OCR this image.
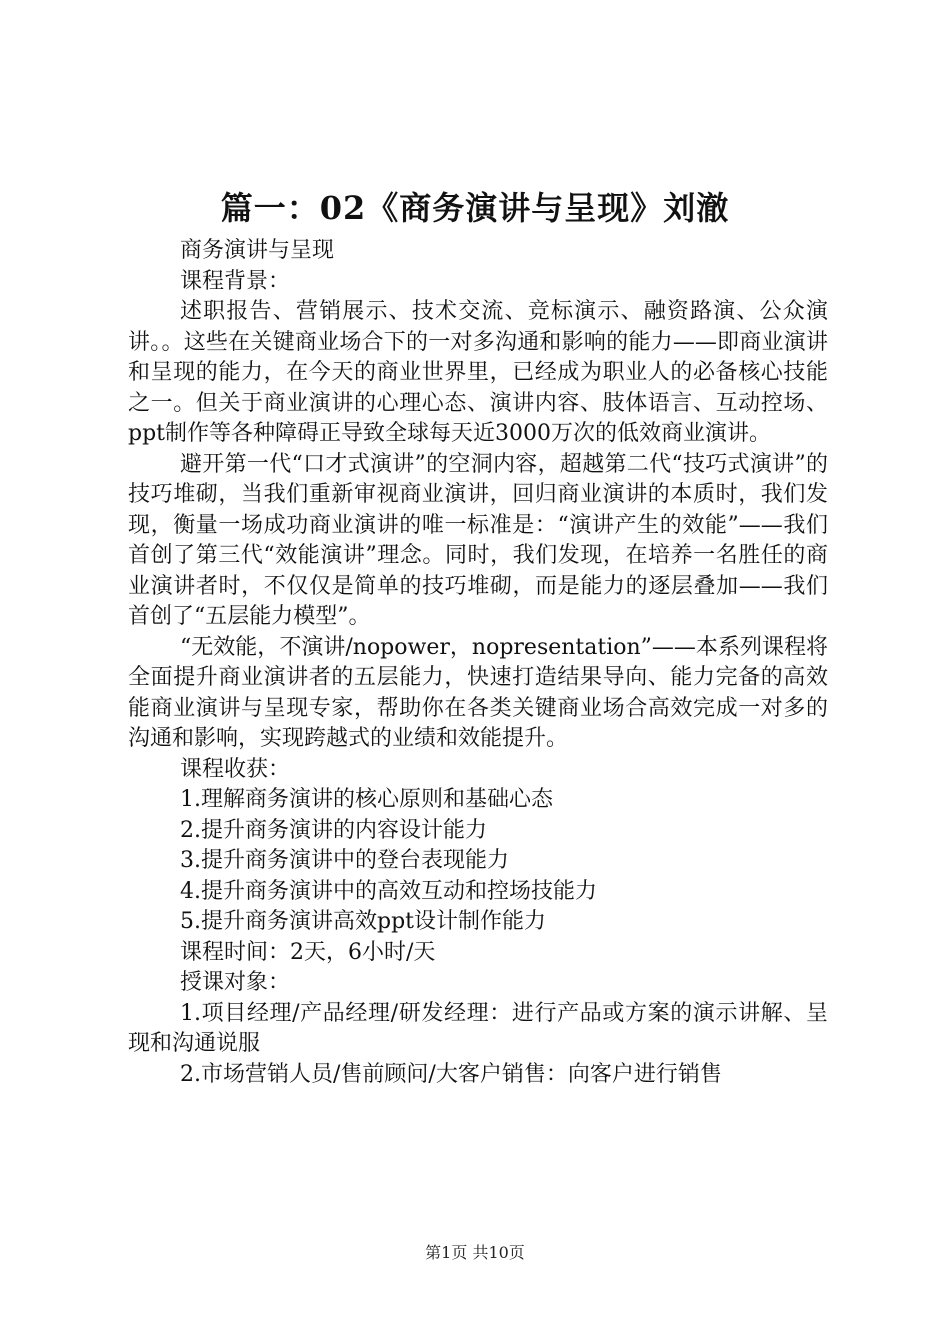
篇一：02《商务演讲与呈现》刘澈

商务演讲与呈现

课程背景：

述职报告、营销展示、技术交流、竞标演示、融资路演、公众演讲。。这些在关键商业场合下的一对多沟通和影响的能力——即商业演讲和呈现的能力，在今天的商业世界里，已经成为职业人的必备核心技能之一。但关于商业演讲的心理心态、演讲内容、肢体语言、互动控场、ppt制作等各种障碍正导致全球每天近3000万次的低效商业演讲。

避开第一代“口才式演讲”的空洞内容，超越第二代“技巧式演讲”的技巧堆砌，当我们重新审视商业演讲，回归商业演讲的本质时，我们发现，衡量一场成功商业演讲的唯一标准是：“演讲产生的效能”——我们首创了第三代“效能演讲”理念。同时，我们发现，在培养一名胜任的商业演讲者时，不仅仅是简单的技巧堆砌，而是能力的逐层叠加——我们首创了“五层能力模型”。

“无效能，不演讲/nopower，nopresentation”——本系列课程将全面提升商业演讲者的五层能力，快速打造结果导向、能力完备的高效能商业演讲与呈现专家，帮助你在各类关键商业场合高效完成一对多的沟通和影响，实现跨越式的业绩和效能提升。

课程收获：

1.理解商务演讲的核心原则和基础心态

2.提升商务演讲的内容设计能力

3.提升商务演讲中的登台表现能力

4.提升商务演讲中的高效互动和控场技能力

5.提升商务演讲高效ppt设计制作能力

课程时间：2天，6小时/天

授课对象：

1.项目经理/产品经理/研发经理：进行产品或方案的演示讲解、呈现和沟通说服

2.市场营销人员/售前顾问/大客户销售：向客户进行销售

第1页 共10页
